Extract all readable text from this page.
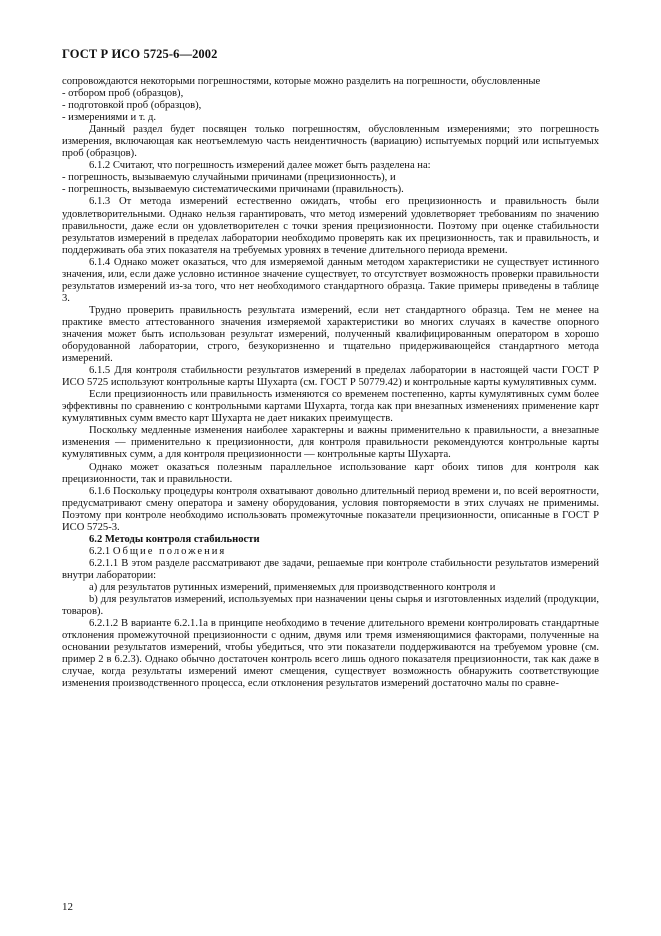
ГОСТ Р ИСО 5725-6—2002

сопровождаются некоторыми погрешностями, которые можно разделить на погрешности, обусловленные

- отбором проб (образцов),

- подготовкой проб (образцов),

- измерениями и т. д.

Данный раздел будет посвящен только погрешностям, обусловленным измерениями; это погрешность измерения, включающая как неотъемлемую часть неидентичность (вариацию) испытуемых порций или испытуемых проб (образцов).

6.1.2 Считают, что погрешность измерений далее может быть разделена на:

- погрешность, вызываемую случайными причинами (прецизионность), и

- погрешность, вызываемую систематическими причинами (правильность).

6.1.3 От метода измерений естественно ожидать, чтобы его прецизионность и правильность были удовлетворительными. Однако нельзя гарантировать, что метод измерений удовлетворяет требованиям по значению правильности, даже если он удовлетворителен с точки зрения прецизионности. Поэтому при оценке стабильности результатов измерений в пределах лаборатории необходимо проверять как их прецизионность, так и правильность, и поддерживать оба этих показателя на требуемых уровнях в течение длительного периода времени.

6.1.4 Однако может оказаться, что для измеряемой данным методом характеристики не существует истинного значения, или, если даже условно истинное значение существует, то отсутствует возможность проверки правильности результатов измерений из-за того, что нет необходимого стандартного образца. Такие примеры приведены в таблице 3.

Трудно проверить правильность результата измерений, если нет стандартного образца. Тем не менее на практике вместо аттестованного значения измеряемой характеристики во многих случаях в качестве опорного значения может быть использован результат измерений, полученный квалифицированным оператором в хорошо оборудованной лаборатории, строго, безукоризненно и тщательно придерживающейся стандартного метода измерений.

6.1.5 Для контроля стабильности результатов измерений в пределах лаборатории в настоящей части ГОСТ Р ИСО 5725 используют контрольные карты Шухарта (см. ГОСТ Р 50779.42) и контрольные карты кумулятивных сумм.

Если прецизионность или правильность изменяются со временем постепенно, карты кумулятивных сумм более эффективны по сравнению с контрольными картами Шухарта, тогда как при внезапных изменениях применение карт кумулятивных сумм вместо карт Шухарта не дает никаких преимуществ.

Поскольку медленные изменения наиболее характерны и важны применительно к правильности, а внезапные изменения — применительно к прецизионности, для контроля правильности рекомендуются контрольные карты кумулятивных сумм, а для контроля прецизионности — контрольные карты Шухарта.

Однако может оказаться полезным параллельное использование карт обоих типов для контроля как прецизионности, так и правильности.

6.1.6 Поскольку процедуры контроля охватывают довольно длительный период времени и, по всей вероятности, предусматривают смену оператора и замену оборудования, условия повторяемости в этих случаях не применимы. Поэтому при контроле необходимо использовать промежуточные показатели прецизионности, описанные в ГОСТ Р ИСО 5725-3.

6.2 Методы контроля стабильности

6.2.1 Общие положения

6.2.1.1 В этом разделе рассматривают две задачи, решаемые при контроле стабильности результатов измерений внутри лаборатории:

a) для результатов рутинных измерений, применяемых для производственного контроля и

b) для результатов измерений, используемых при назначении цены сырья и изготовленных изделий (продукции, товаров).

6.2.1.2 В варианте 6.2.1.1a в принципе необходимо в течение длительного времени контролировать стандартные отклонения промежуточной прецизионности с одним, двумя или тремя изменяющимися факторами, полученные на основании результатов измерений, чтобы убедиться, что эти показатели поддерживаются на требуемом уровне (см. пример 2 в 6.2.3). Однако обычно достаточен контроль всего лишь одного показателя прецизионности, так как даже в случае, когда результаты измерений имеют смещения, существует возможность обнаружить соответствующие изменения производственного процесса, если отклонения результатов измерений достаточно малы по сравне-

12
